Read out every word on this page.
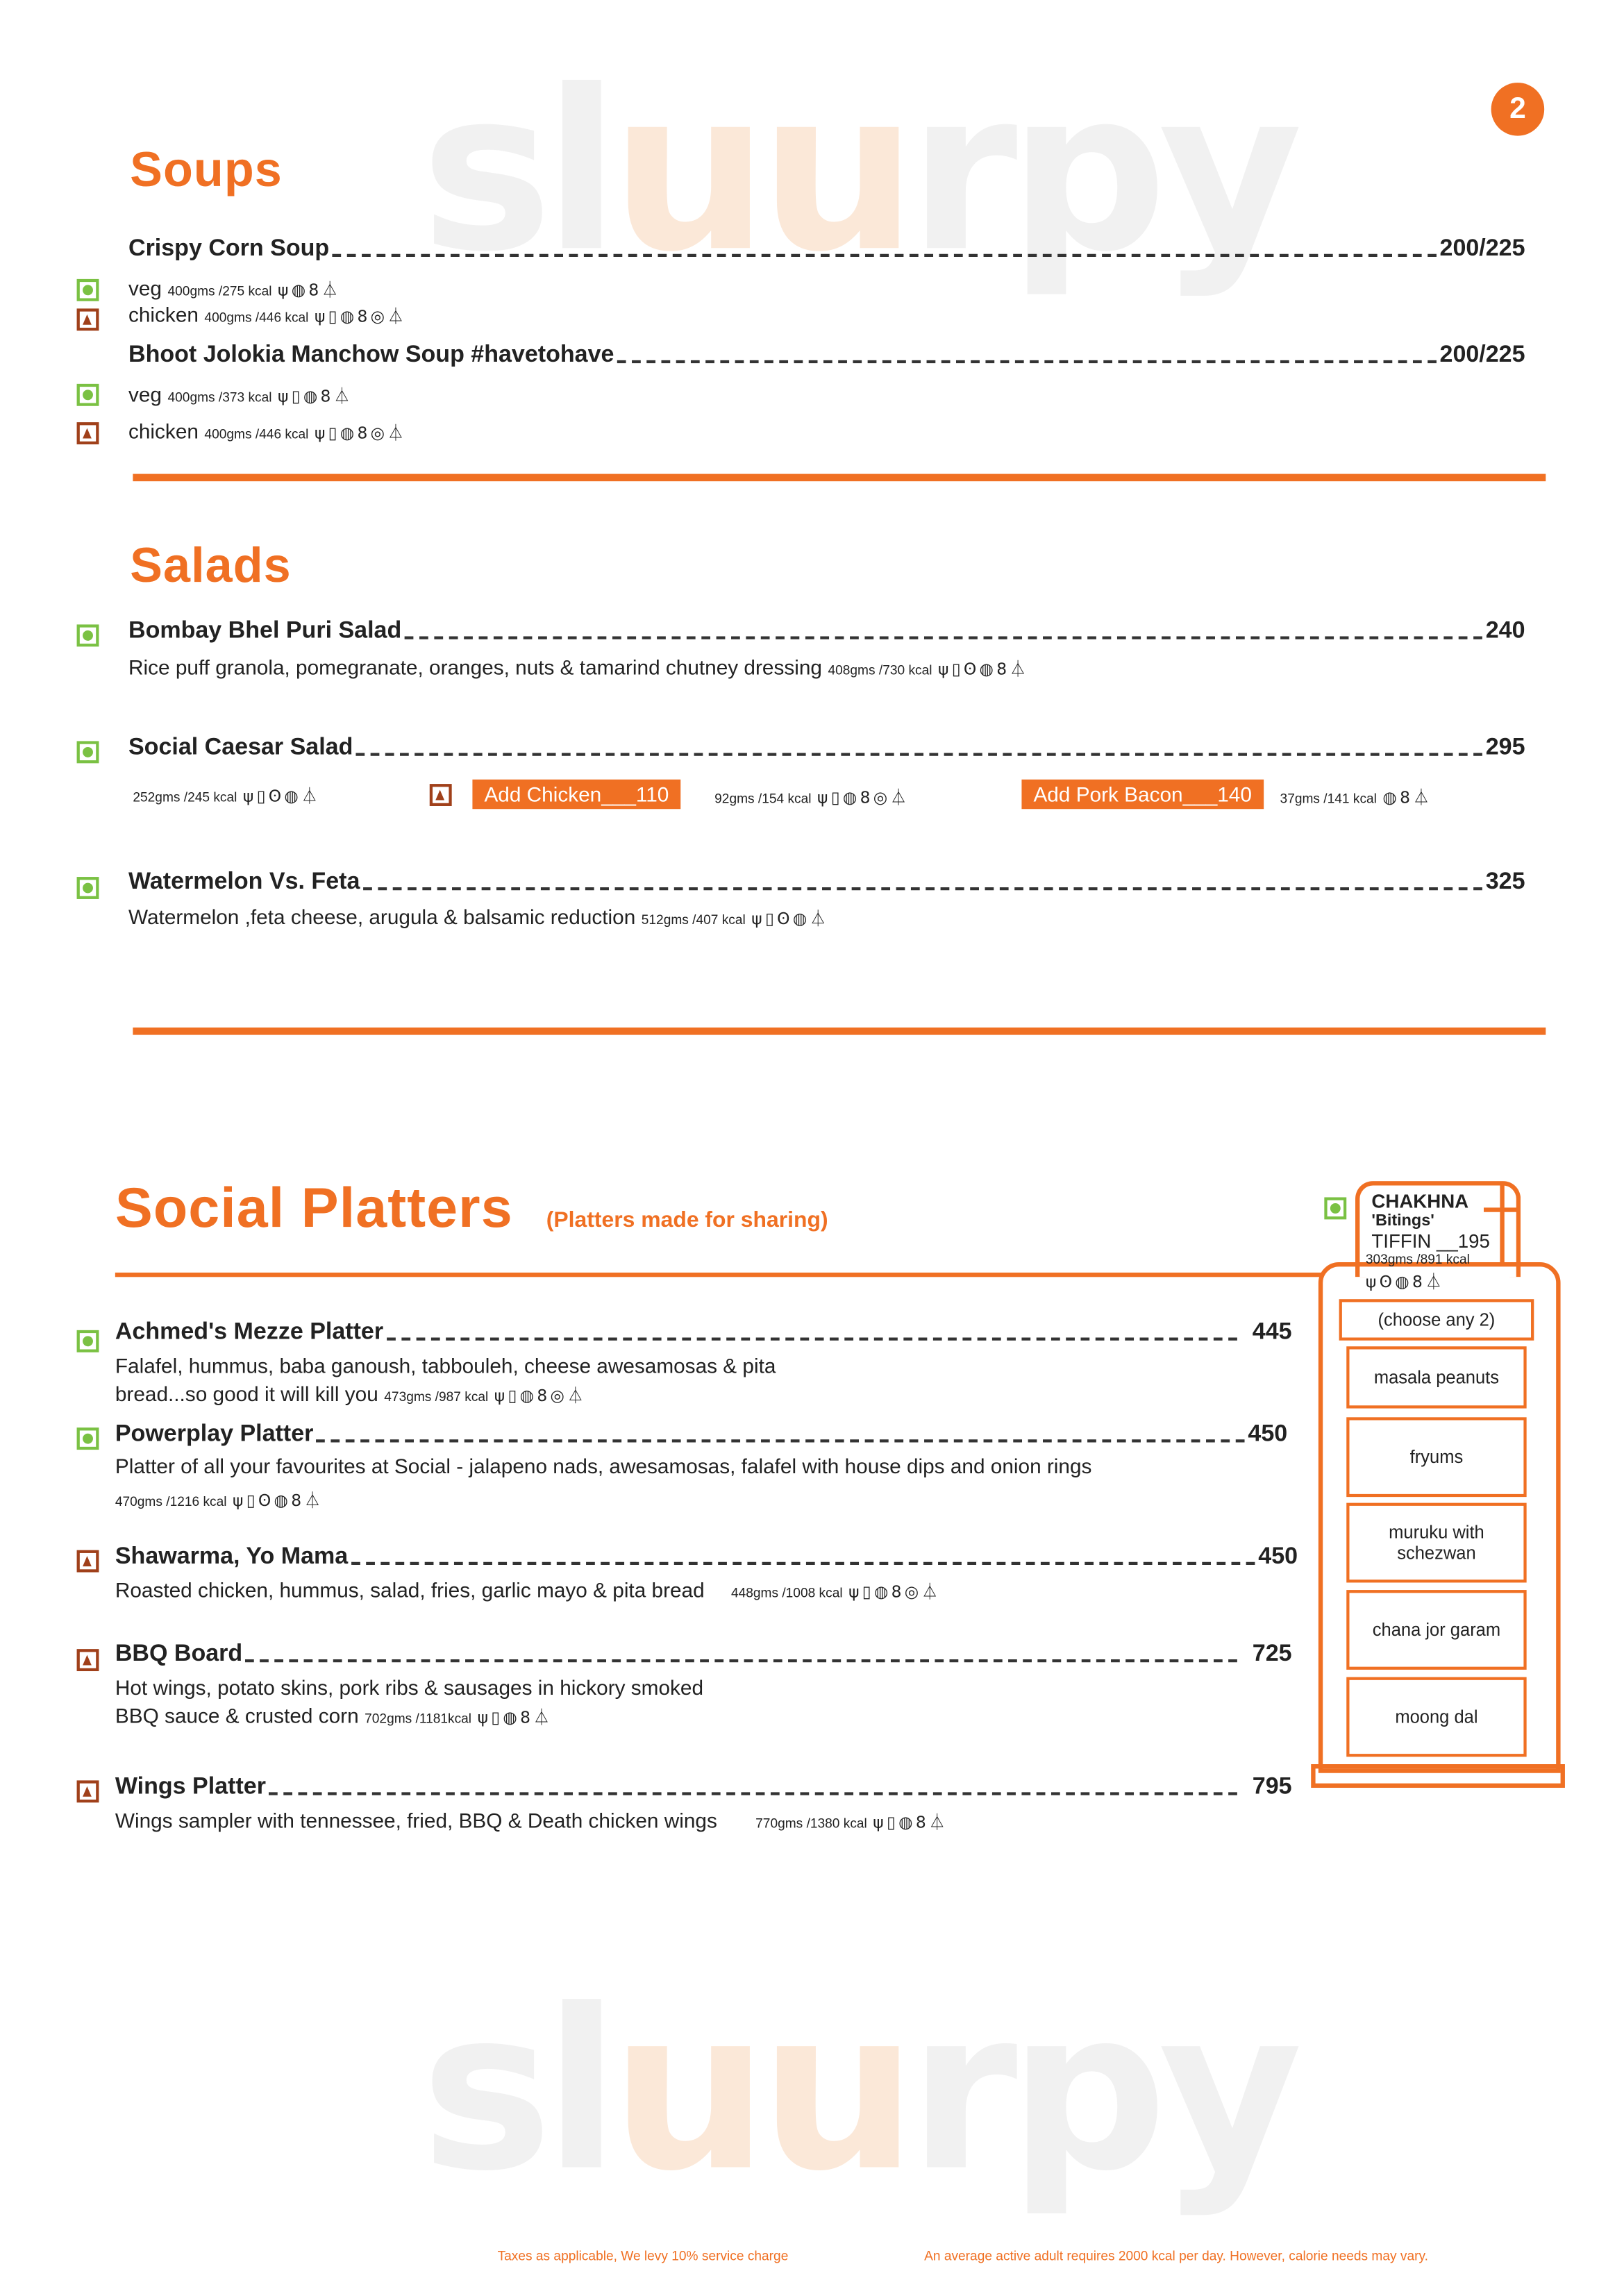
sluurpy
sluurpy
2
Soups
Crispy Corn Soup	200/225
veg 400gms /275 kcal ψ◍8⏃
chicken 400gms /446 kcal ψ▯◍8◎⏃
Bhoot Jolokia Manchow Soup #havetohave	200/225
veg 400gms /373 kcal ψ▯◍8⏃
chicken 400gms /446 kcal ψ▯◍8◎⏃
Salads
Bombay Bhel Puri Salad	240
Rice puff granola, pomegranate, oranges, nuts & tamarind chutney dressing 408gms /730 kcal ψ▯ʘ◍8⏃
Social Caesar Salad	295
252gms /245 kcal ψ▯ʘ◍⏃	Add Chicken___110	92gms /154 kcal ψ▯◍8◎⏃	Add Pork Bacon___140	37gms /141 kcal ◍8⏃
Watermelon Vs. Feta	325
Watermelon ,feta cheese, arugula & balsamic reduction 512gms /407 kcal ψ▯ʘ◍⏃
Social Platters	(Platters made for sharing)
Achmed's Mezze Platter	445
Falafel, hummus, baba ganoush, tabbouleh, cheese awesamosas & pita
bread...so good it will kill you 473gms /987 kcal ψ▯◍8◎⏃
Powerplay Platter	450
Platter of all your favourites at Social - jalapeno nads, awesamosas, falafel with house dips and onion rings
470gms /1216 kcal ψ▯ʘ◍8⏃
Shawarma, Yo Mama	450
Roasted chicken, hummus, salad, fries, garlic mayo & pita bread	448gms /1008 kcal ψ▯◍8◎⏃
BBQ Board	725
Hot wings, potato skins, pork ribs & sausages in hickory smoked
BBQ sauce & crusted corn 702gms /1181kcal ψ▯◍8⏃
Wings Platter	795
Wings sampler with tennessee, fried, BBQ & Death chicken wings	770gms /1380 kcal ψ▯◍8⏃
CHAKHNA
'Bitings'
TIFFIN __195
303gms /891 kcal
ψʘ◍8⏃
(choose any 2)
masala peanuts
fryums
muruku with schezwan
chana jor garam
moong dal
Taxes as applicable, We levy 10% service charge	An average active adult requires 2000 kcal per day. However, calorie needs may vary.
